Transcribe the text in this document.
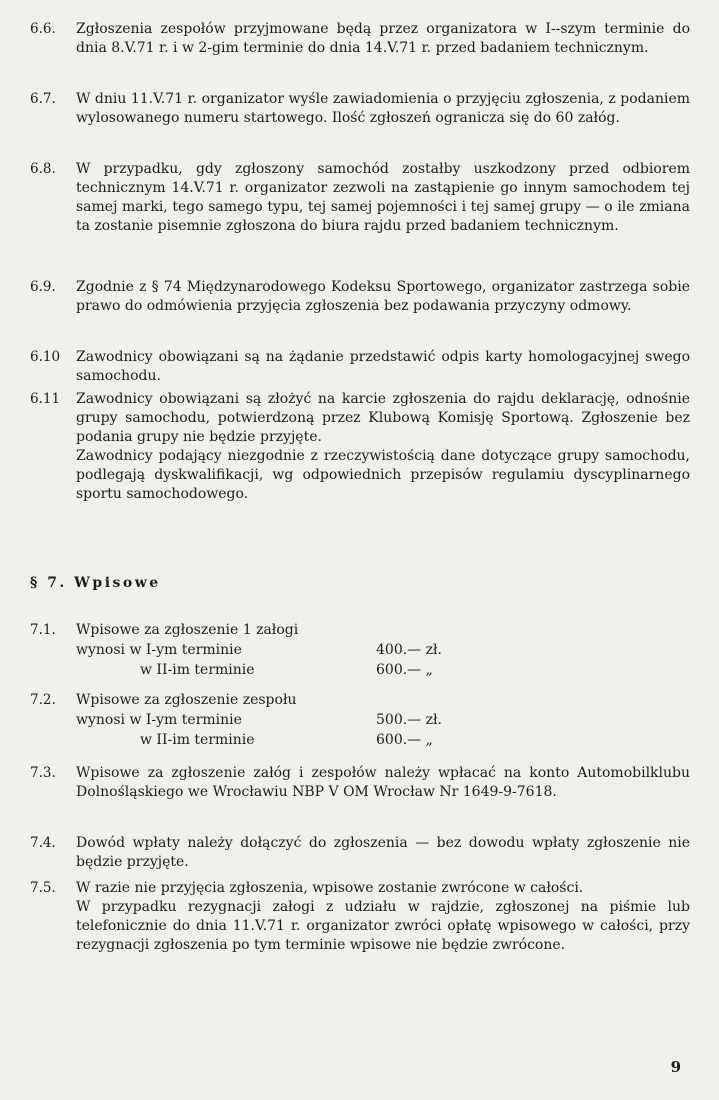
6.6. Zgłoszenia zespołów przyjmowane będą przez organizatora w I--szym terminie do dnia 8.V.71 r. i w 2-gim terminie do dnia 14.V.71 r. przed badaniem technicznym.
6.7. W dniu 11.V.71 r. organizator wyśle zawiadomienia o przyjęciu zgłoszenia, z podaniem wylosowanego numeru startowego. Ilość zgłoszeń ogranicza się do 60 załóg.
6.8. W przypadku, gdy zgłoszony samochód zostałby uszkodzony przed odbiorem technicznym 14.V.71 r. organizator zezwoli na zastąpienie go innym samochodem tej samej marki, tego samego typu, tej samej pojemności i tej samej grupy — o ile zmiana ta zostanie pisemnie zgłoszona do biura rajdu przed badaniem technicznym.
6.9. Zgodnie z § 74 Międzynarodowego Kodeksu Sportowego, organizator zastrzega sobie prawo do odmówienia przyjęcia zgłoszenia bez podawania przyczyny odmowy.
6.10 Zawodnicy obowiązani są na żądanie przedstawić odpis karty homologacyjnej swego samochodu.
6.11 Zawodnicy obowiązani są złożyć na karcie zgłoszenia do rajdu deklarację, odnośnie grupy samochodu, potwierdzoną przez Klubową Komisję Sportową. Zgłoszenie bez podania grupy nie będzie przyjęte.
Zawodnicy podający niezgodnie z rzeczywistością dane dotyczące grupy samochodu, podlegają dyskwalifikacji, wg odpowiednich przepisów regulamiu dyscyplinarnego sportu samochodowego.
§ 7. Wpisowe
7.1. Wpisowe za zgłoszenie 1 załogi
wynosi w I-ym terminie	400.— zł.
w II-im terminie	600.— „
7.2. Wpisowe za zgłoszenie zespołu
wynosi w I-ym terminie	500.— zł.
w II-im terminie	600.— „
7.3. Wpisowe za zgłoszenie załóg i zespołów należy wpłacać na konto Automobilklubu Dolnośląskiego we Wrocławiu NBP V OM Wrocław Nr 1649-9-7618.
7.4. Dowód wpłaty należy dołączyć do zgłoszenia — bez dowodu wpłaty zgłoszenie nie będzie przyjęte.
7.5. W razie nie przyjęcia zgłoszenia, wpisowe zostanie zwrócone w całości.
W przypadku rezygnacji załogi z udziału w rajdzie, zgłoszonej na piśmie lub telefonicznie do dnia 11.V.71 r. organizator zwróci opłatę wpisowego w całości, przy rezygnacji zgłoszenia po tym terminie wpisowe nie będzie zwrócone.
9
